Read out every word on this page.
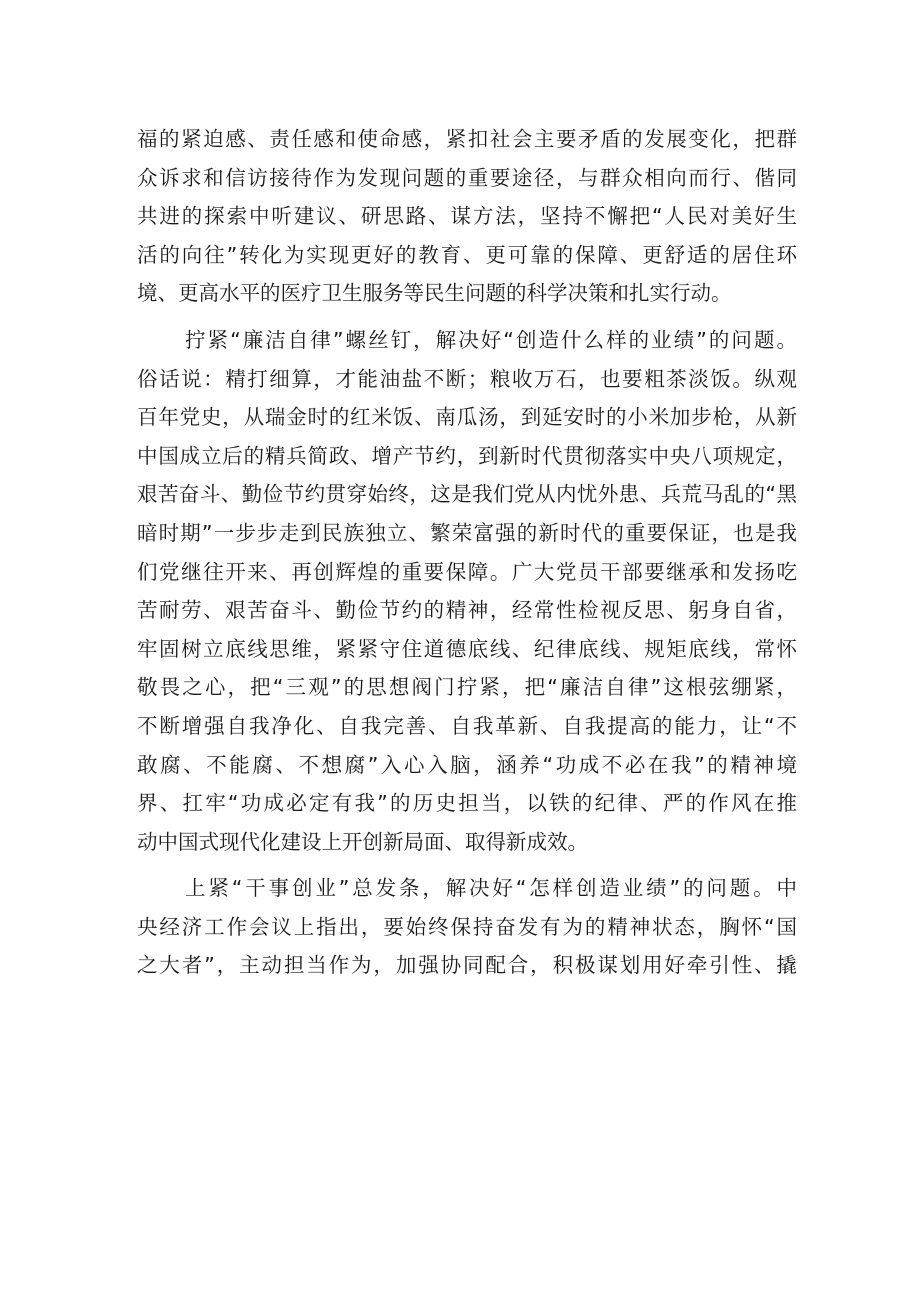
福的紧迫感、责任感和使命感，紧扣社会主要矛盾的发展变化，把群
众诉求和信访接待作为发现问题的重要途径，与群众相向而行、偕同
共进的探索中听建议、研思路、谋方法，坚持不懈把“人民对美好生
活的向往”转化为实现更好的教育、更可靠的保障、更舒适的居住环
境、更高水平的医疗卫生服务等民生问题的科学决策和扎实行动。
拧紧“廉洁自律”螺丝钉，解决好“创造什么样的业绩”的问题。
俗话说：精打细算，才能油盐不断；粮收万石，也要粗茶淡饭。纵观
百年党史，从瑞金时的红米饭、南瓜汤，到延安时的小米加步枪，从新
中国成立后的精兵简政、增产节约，到新时代贯彻落实中央八项规定，
艰苦奋斗、勤俭节约贯穿始终，这是我们党从内忧外患、兵荒马乱的“黑
暗时期”一步步走到民族独立、繁荣富强的新时代的重要保证，也是我
们党继往开来、再创辉煌的重要保障。广大党员干部要继承和发扬吃
苦耐劳、艰苦奋斗、勤俭节约的精神，经常性检视反思、躬身自省，
牢固树立底线思维，紧紧守住道德底线、纪律底线、规矩底线，常怀
敬畏之心，把“三观”的思想阀门拧紧，把“廉洁自律”这根弦绷紧，
不断增强自我净化、自我完善、自我革新、自我提高的能力，让“不
敢腐、不能腐、不想腐”入心入脑，涵养“功成不必在我”的精神境
界、扛牢“功成必定有我”的历史担当，以铁的纪律、严的作风在推
动中国式现代化建设上开创新局面、取得新成效。
上紧“干事创业”总发条，解决好“怎样创造业绩”的问题。中
央经济工作会议上指出，要始终保持奋发有为的精神状态，胸怀“国
之大者”，主动担当作为，加强协同配合，积极谋划用好牵引性、撬
